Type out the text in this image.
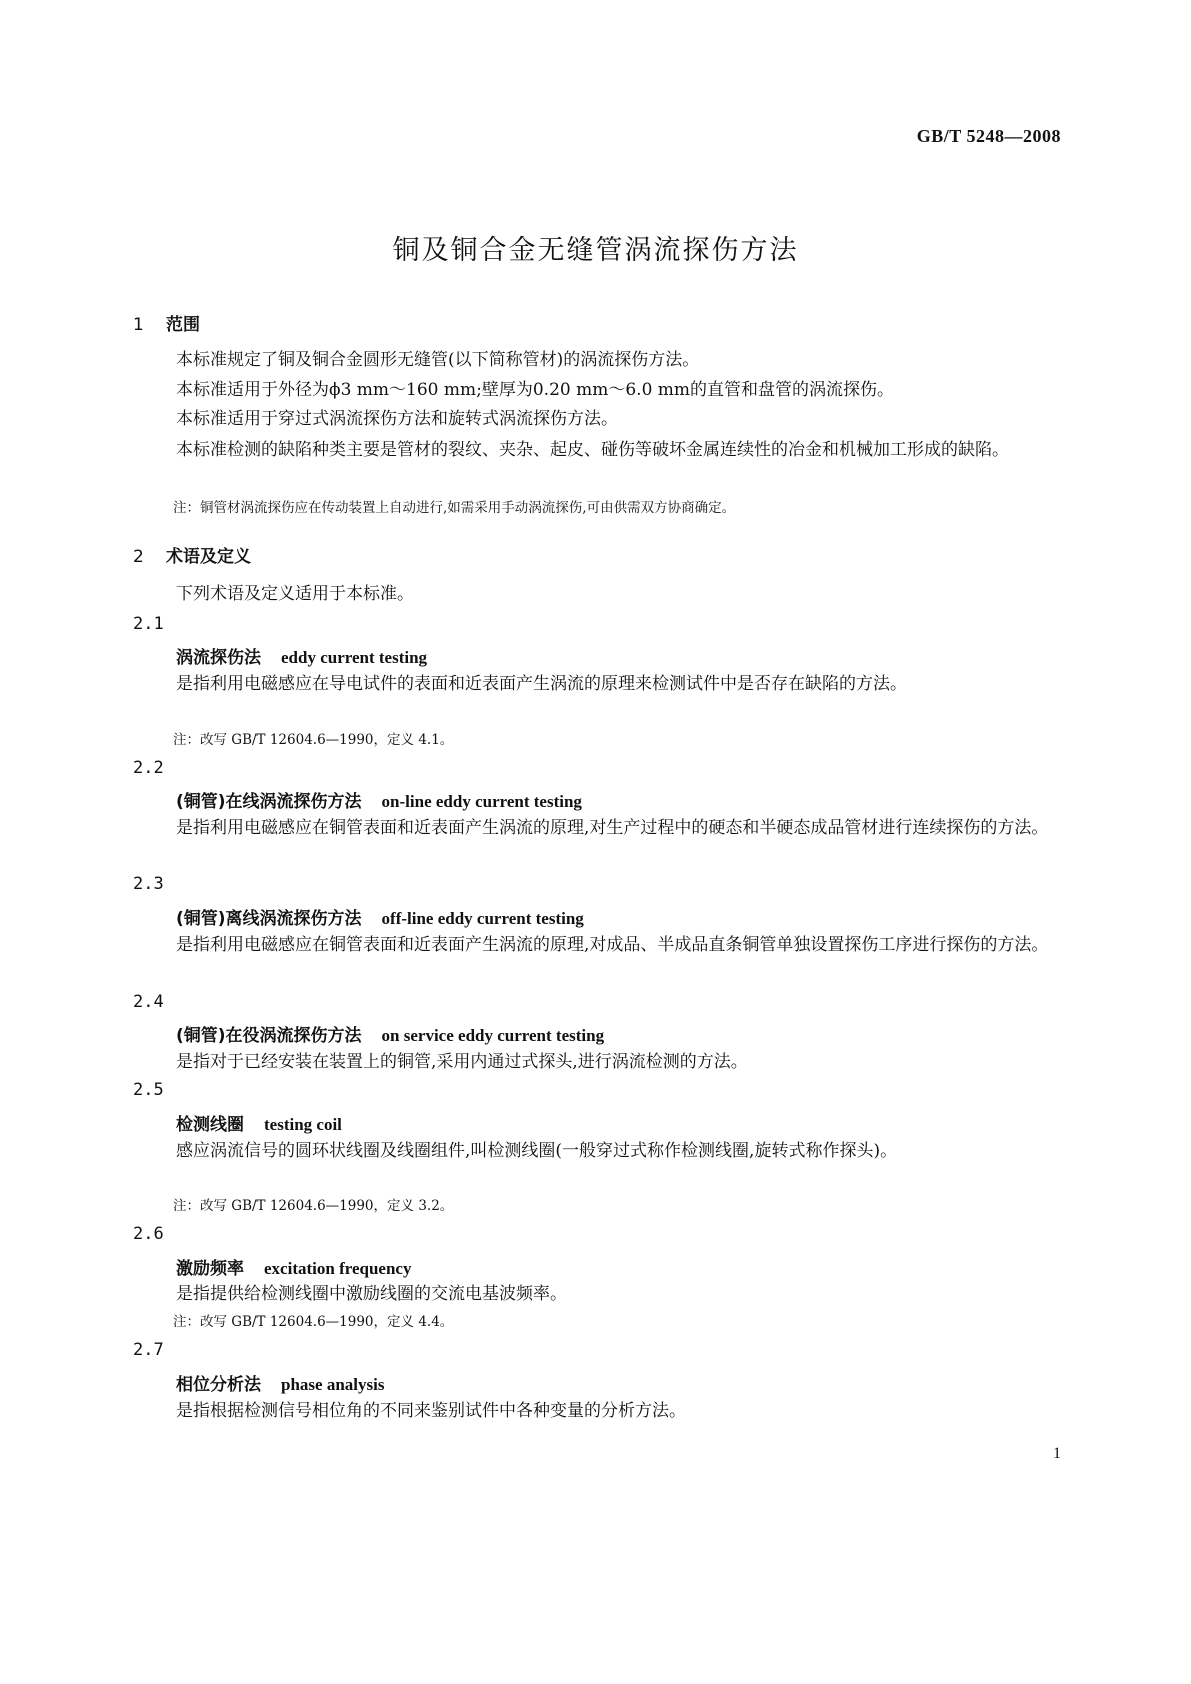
GB/T 5248—2008
铜及铜合金无缝管涡流探伤方法
1 范围
本标准规定了铜及铜合金圆形无缝管(以下简称管材)的涡流探伤方法。
本标准适用于外径为ϕ3 mm～160 mm;壁厚为0.20 mm～6.0 mm的直管和盘管的涡流探伤。
本标准适用于穿过式涡流探伤方法和旋转式涡流探伤方法。
本标准检测的缺陷种类主要是管材的裂纹、夹杂、起皮、碰伤等破坏金属连续性的冶金和机械加工形成的缺陷。
注：铜管材涡流探伤应在传动装置上自动进行,如需采用手动涡流探伤,可由供需双方协商确定。
2 术语及定义
下列术语及定义适用于本标准。
2.1
涡流探伤法 eddy current testing
是指利用电磁感应在导电试件的表面和近表面产生涡流的原理来检测试件中是否存在缺陷的方法。
注：改写 GB/T 12604.6—1990，定义 4.1。
2.2
(铜管)在线涡流探伤方法 on-line eddy current testing
是指利用电磁感应在铜管表面和近表面产生涡流的原理,对生产过程中的硬态和半硬态成品管材进行连续探伤的方法。
2.3
(铜管)离线涡流探伤方法 off-line eddy current testing
是指利用电磁感应在铜管表面和近表面产生涡流的原理,对成品、半成品直条铜管单独设置探伤工序进行探伤的方法。
2.4
(铜管)在役涡流探伤方法 on service eddy current testing
是指对于已经安装在装置上的铜管,采用内通过式探头,进行涡流检测的方法。
2.5
检测线圈 testing coil
感应涡流信号的圆环状线圈及线圈组件,叫检测线圈(一般穿过式称作检测线圈,旋转式称作探头)。
注：改写 GB/T 12604.6—1990，定义 3.2。
2.6
激励频率 excitation frequency
是指提供给检测线圈中激励线圈的交流电基波频率。
注：改写 GB/T 12604.6—1990，定义 4.4。
2.7
相位分析法 phase analysis
是指根据检测信号相位角的不同来鉴别试件中各种变量的分析方法。
1
